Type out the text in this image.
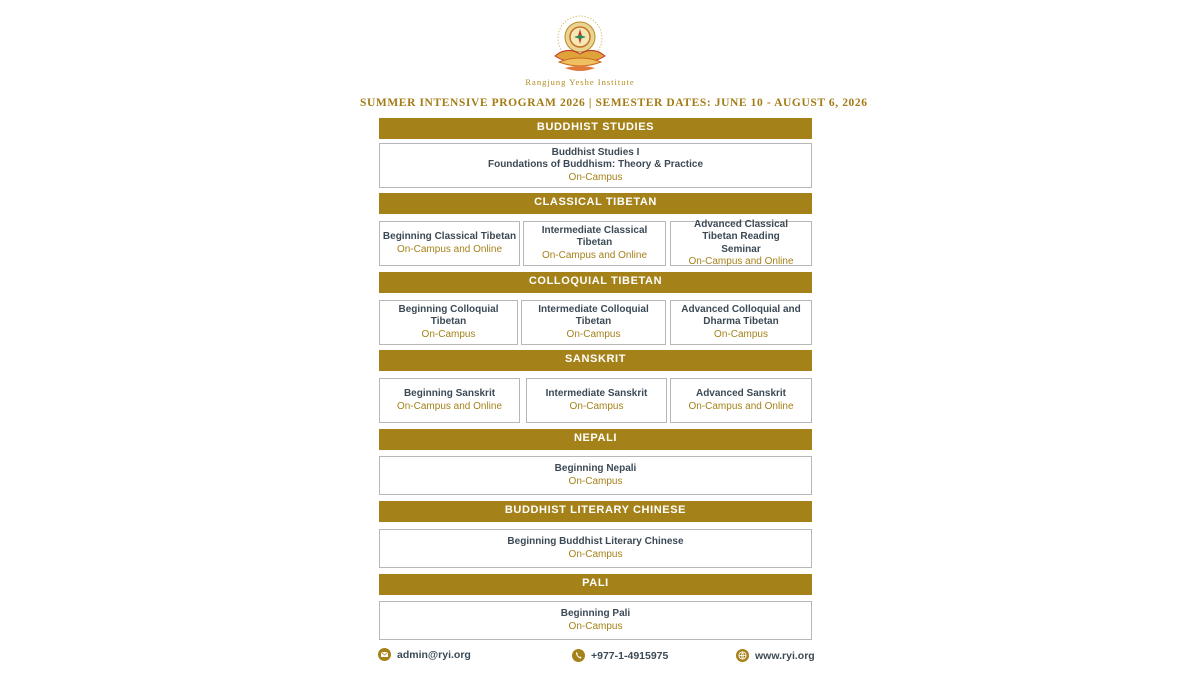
Rangjung Yeshe Institute
SUMMER INTENSIVE PROGRAM 2026 | SEMESTER DATES: JUNE 10 - AUGUST 6, 2026
BUDDHIST STUDIES
Buddhist Studies I
Foundations of Buddhism: Theory & Practice
On-Campus
CLASSICAL TIBETAN
Beginning Classical Tibetan
On-Campus and Online
Intermediate Classical Tibetan
On-Campus and Online
Advanced Classical Tibetan Reading Seminar
On-Campus and Online
COLLOQUIAL TIBETAN
Beginning Colloquial Tibetan
On-Campus
Intermediate Colloquial Tibetan
On-Campus
Advanced Colloquial and Dharma Tibetan
On-Campus
SANSKRIT
Beginning Sanskrit
On-Campus and Online
Intermediate Sanskrit
On-Campus
Advanced Sanskrit
On-Campus and Online
NEPALI
Beginning Nepali
On-Campus
BUDDHIST LITERARY CHINESE
Beginning Buddhist Literary Chinese
On-Campus
PALI
Beginning Pali
On-Campus
admin@ryi.org	+977-1-4915975	www.ryi.org
